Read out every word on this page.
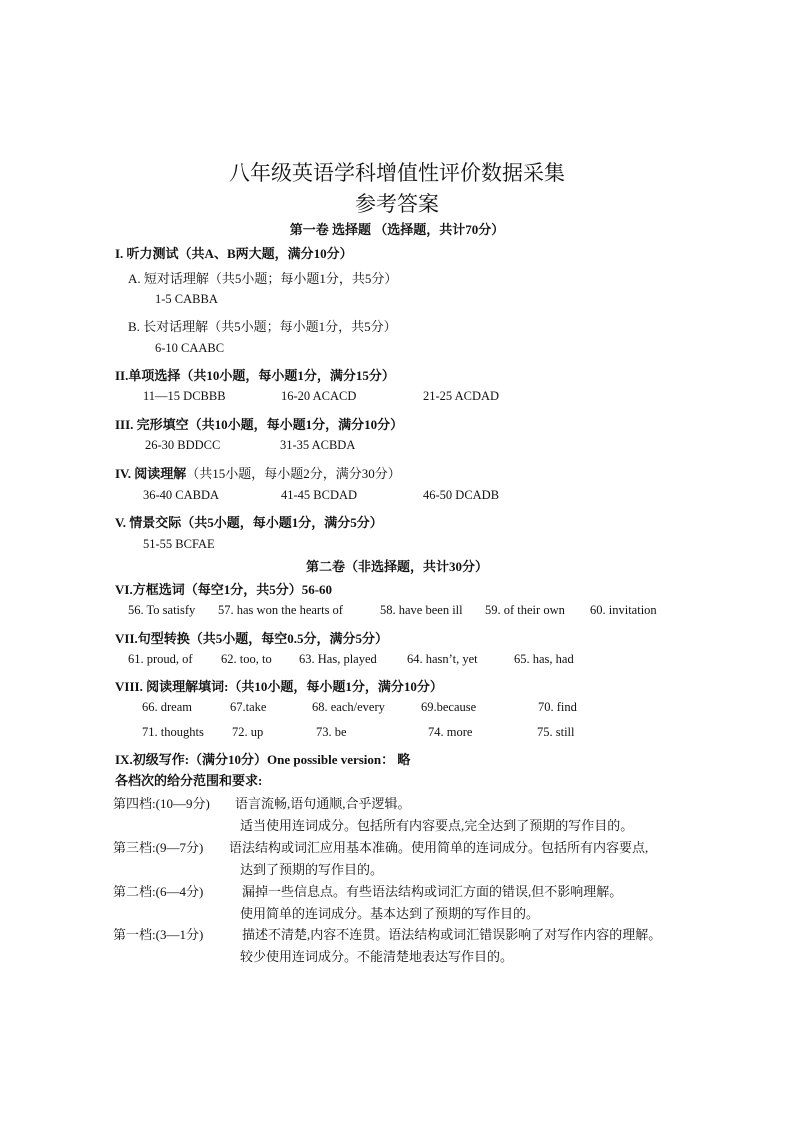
八年级英语学科增值性评价数据采集
参考答案
第一卷 选择题 （选择题，共计70分）
I. 听力测试（共A、B两大题，满分10分）
A. 短对话理解（共5小题；每小题1分，共5分）
1-5 CABBA
B. 长对话理解（共5小题；每小题1分，共5分）
6-10 CAABC
II.单项选择（共10小题，每小题1分，满分15分）
11—15 DCBBB	16-20 ACACD	21-25 ACDAD
III. 完形填空（共10小题，每小题1分，满分10分）
26-30 BDDCC	31-35 ACBDA
IV. 阅读理解（共15小题，每小题2分，满分30分）
36-40 CABDA	41-45 BCDAD	46-50 DCADB
V. 情景交际（共5小题，每小题1分，满分5分）
51-55 BCFAE
第二卷（非选择题，共计30分）
VI.方框选词（每空1分，共5分）56-60
56. To satisfy 57. has won the hearts of	58. have been ill 59. of their own 60. invitation
VII.句型转换（共5小题，每空0.5分，满分5分）
61. proud, of 62. too, to 63. Has, played 64. hasn’t, yet	65. has, had
VIII. 阅读理解填词:（共10小题，每小题1分，满分10分）
66. dream	67.take	68. each/every	69.because	70. find
71. thoughts 72. up	73. be	74. more	75. still
IX.初级写作:（满分10分）One possible version： 略
各档次的给分范围和要求:
第四档:(10—9分) 语言流畅,语句通顺,合乎逻辑。
适当使用连词成分。包括所有内容要点,完全达到了预期的写作目的。
第三档:(9—7分) 语法结构或词汇应用基本准确。使用简单的连词成分。包括所有内容要点,
达到了预期的写作目的。
第二档:(6—4分)	漏掉一些信息点。有些语法结构或词汇方面的错误,但不影响理解。
使用简单的连词成分。基本达到了预期的写作目的。
第一档:(3—1分)	描述不清楚,内容不连贯。语法结构或词汇错误影响了对写作内容的理解。
较少使用连词成分。不能清楚地表达写作目的。
